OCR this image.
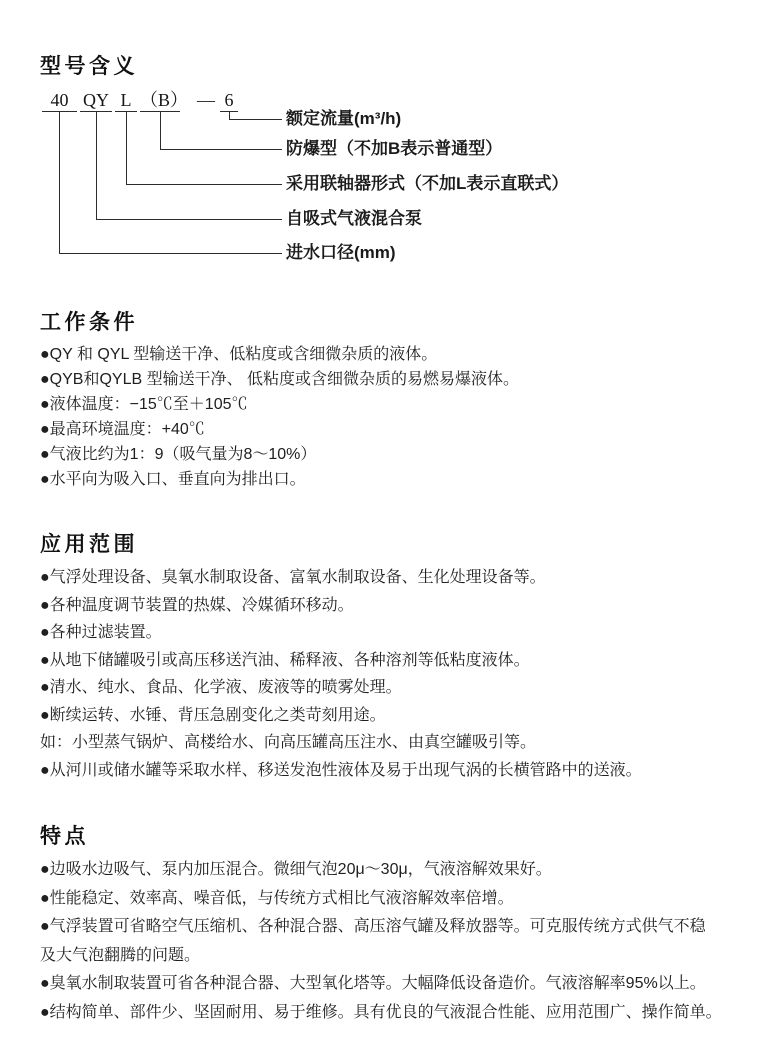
型号含义
40 QY L （B） — 6
额定流量(m³/h)
防爆型（不加B表示普通型）
采用联轴器形式（不加L表示直联式）
自吸式气液混合泵
进水口径(mm)
工作条件
●QY 和 QYL 型输送干净、低粘度或含细微杂质的液体。
●QYB和QYLB 型输送干净、 低粘度或含细微杂质的易燃易爆液体。
●液体温度：−15℃至＋105℃
●最高环境温度：+40℃
●气液比约为1：9（吸气量为8～10%）
●水平向为吸入口、垂直向为排出口。
应用范围
●气浮处理设备、臭氧水制取设备、富氧水制取设备、生化处理设备等。
●各种温度调节装置的热媒、冷媒循环移动。
●各种过滤装置。
●从地下储罐吸引或高压移送汽油、稀释液、各种溶剂等低粘度液体。
●清水、纯水、食品、化学液、废液等的喷雾处理。
●断续运转、水锤、背压急剧变化之类苛刻用途。
如：小型蒸气锅炉、高楼给水、向高压罐高压注水、由真空罐吸引等。
●从河川或储水罐等采取水样、移送发泡性液体及易于出现气涡的长横管路中的送液。
特点
●边吸水边吸气、泵内加压混合。微细气泡20μ～30μ，气液溶解效果好。
●性能稳定、效率高、噪音低，与传统方式相比气液溶解效率倍增。
●气浮装置可省略空气压缩机、各种混合器、高压溶气罐及释放器等。可克服传统方式供气不稳
及大气泡翻腾的问题。
●臭氧水制取装置可省各种混合器、大型氧化塔等。大幅降低设备造价。气液溶解率95%以上。
●结构简单、部件少、坚固耐用、易于维修。具有优良的气液混合性能、应用范围广、操作简单。
